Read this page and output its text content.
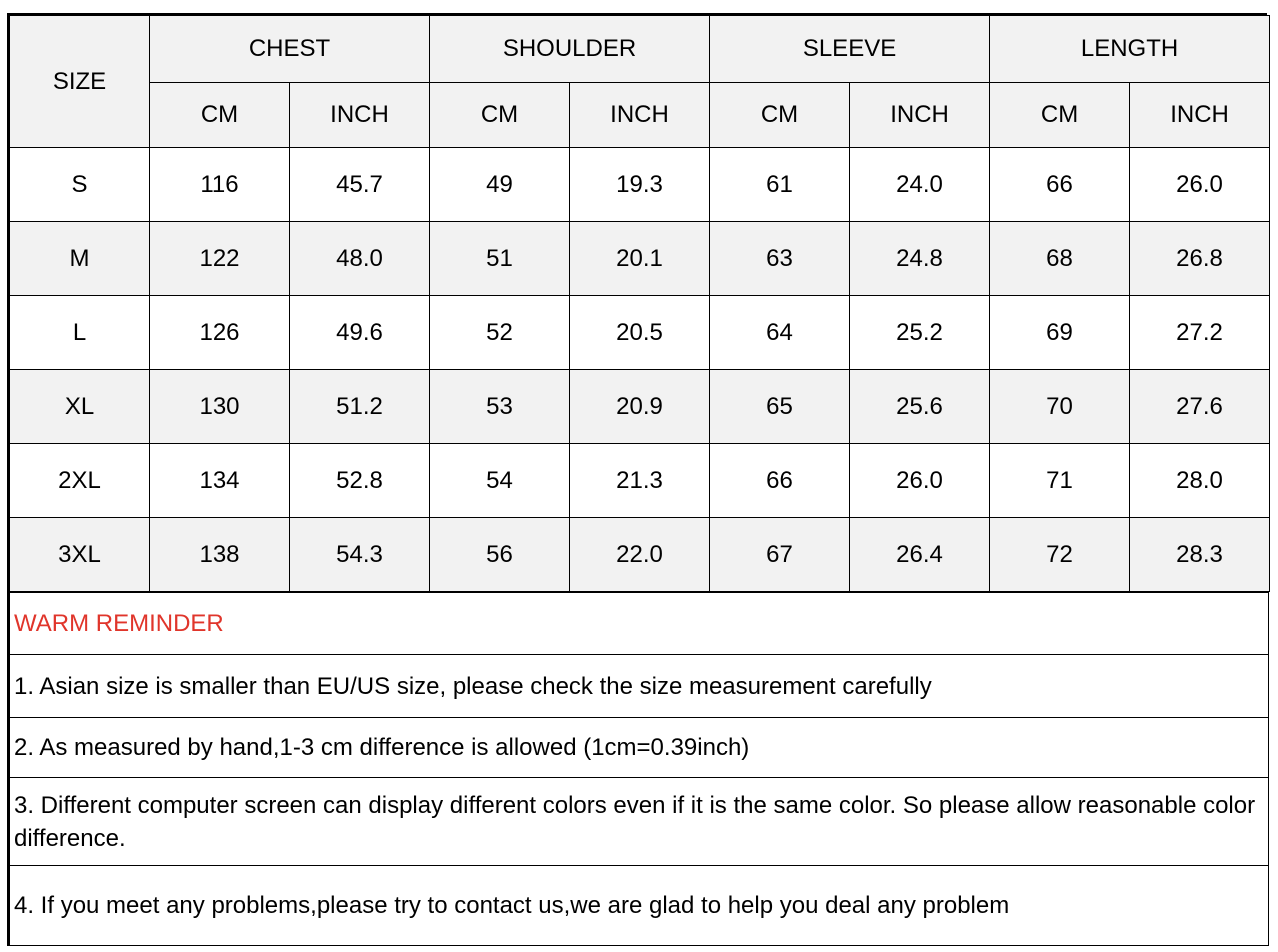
SIZE	CHEST		SHOULDER		SLEEVE		LENGTH	
	CM	INCH	CM	INCH	CM	INCH	CM	INCH
S	116	45.7	49	19.3	61	24.0	66	26.0
M	122	48.0	51	20.1	63	24.8	68	26.8
L	126	49.6	52	20.5	64	25.2	69	27.2
XL	130	51.2	53	20.9	65	25.6	70	27.6
2XL	134	52.8	54	21.3	66	26.0	71	28.0
3XL	138	54.3	56	22.0	67	26.4	72	28.3
WARM REMINDER
1. Asian size is smaller than EU/US size, please check the size measurement carefully
2. As measured by hand,1-3 cm difference is allowed (1cm=0.39inch)
3. Different computer screen can display different colors even if it is the same color. So please allow reasonable color difference.
4. If you meet any problems,please try to contact us,we are glad to help you deal any problem
